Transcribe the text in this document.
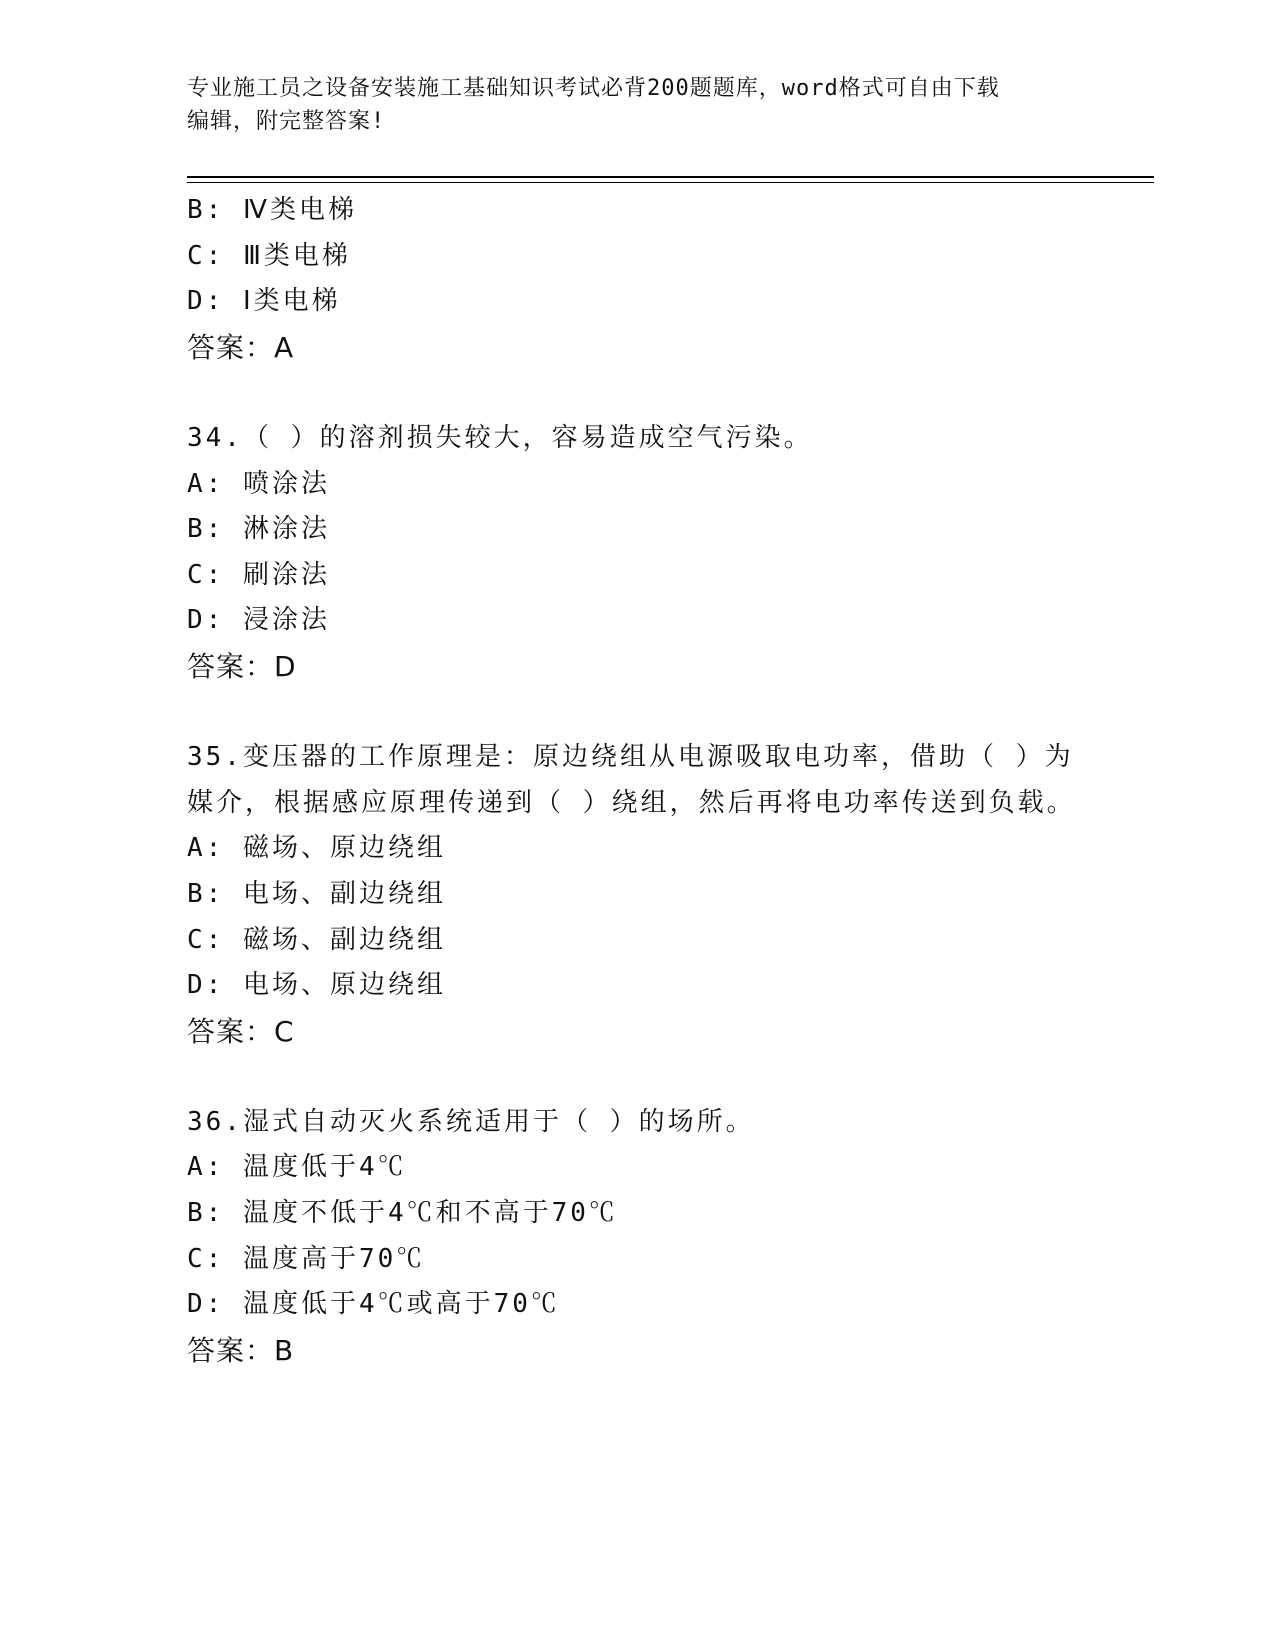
专业施工员之设备安装施工基础知识考试必背200题题库，word格式可自由下载
编辑，附完整答案!
B: Ⅳ类电梯
C: Ⅲ类电梯
D: Ⅰ类电梯
答案：A
34.（ ）的溶剂损失较大，容易造成空气污染。
A: 喷涂法
B: 淋涂法
C: 刷涂法
D: 浸涂法
答案：D
35.变压器的工作原理是：原边绕组从电源吸取电功率，借助（ ）为
媒介，根据感应原理传递到（ ）绕组，然后再将电功率传送到负载。
A: 磁场、原边绕组
B: 电场、副边绕组
C: 磁场、副边绕组
D: 电场、原边绕组
答案：C
36.湿式自动灭火系统适用于（ ）的场所。
A: 温度低于4℃
B: 温度不低于4℃和不高于70℃
C: 温度高于70℃
D: 温度低于4℃或高于70℃
答案：B
